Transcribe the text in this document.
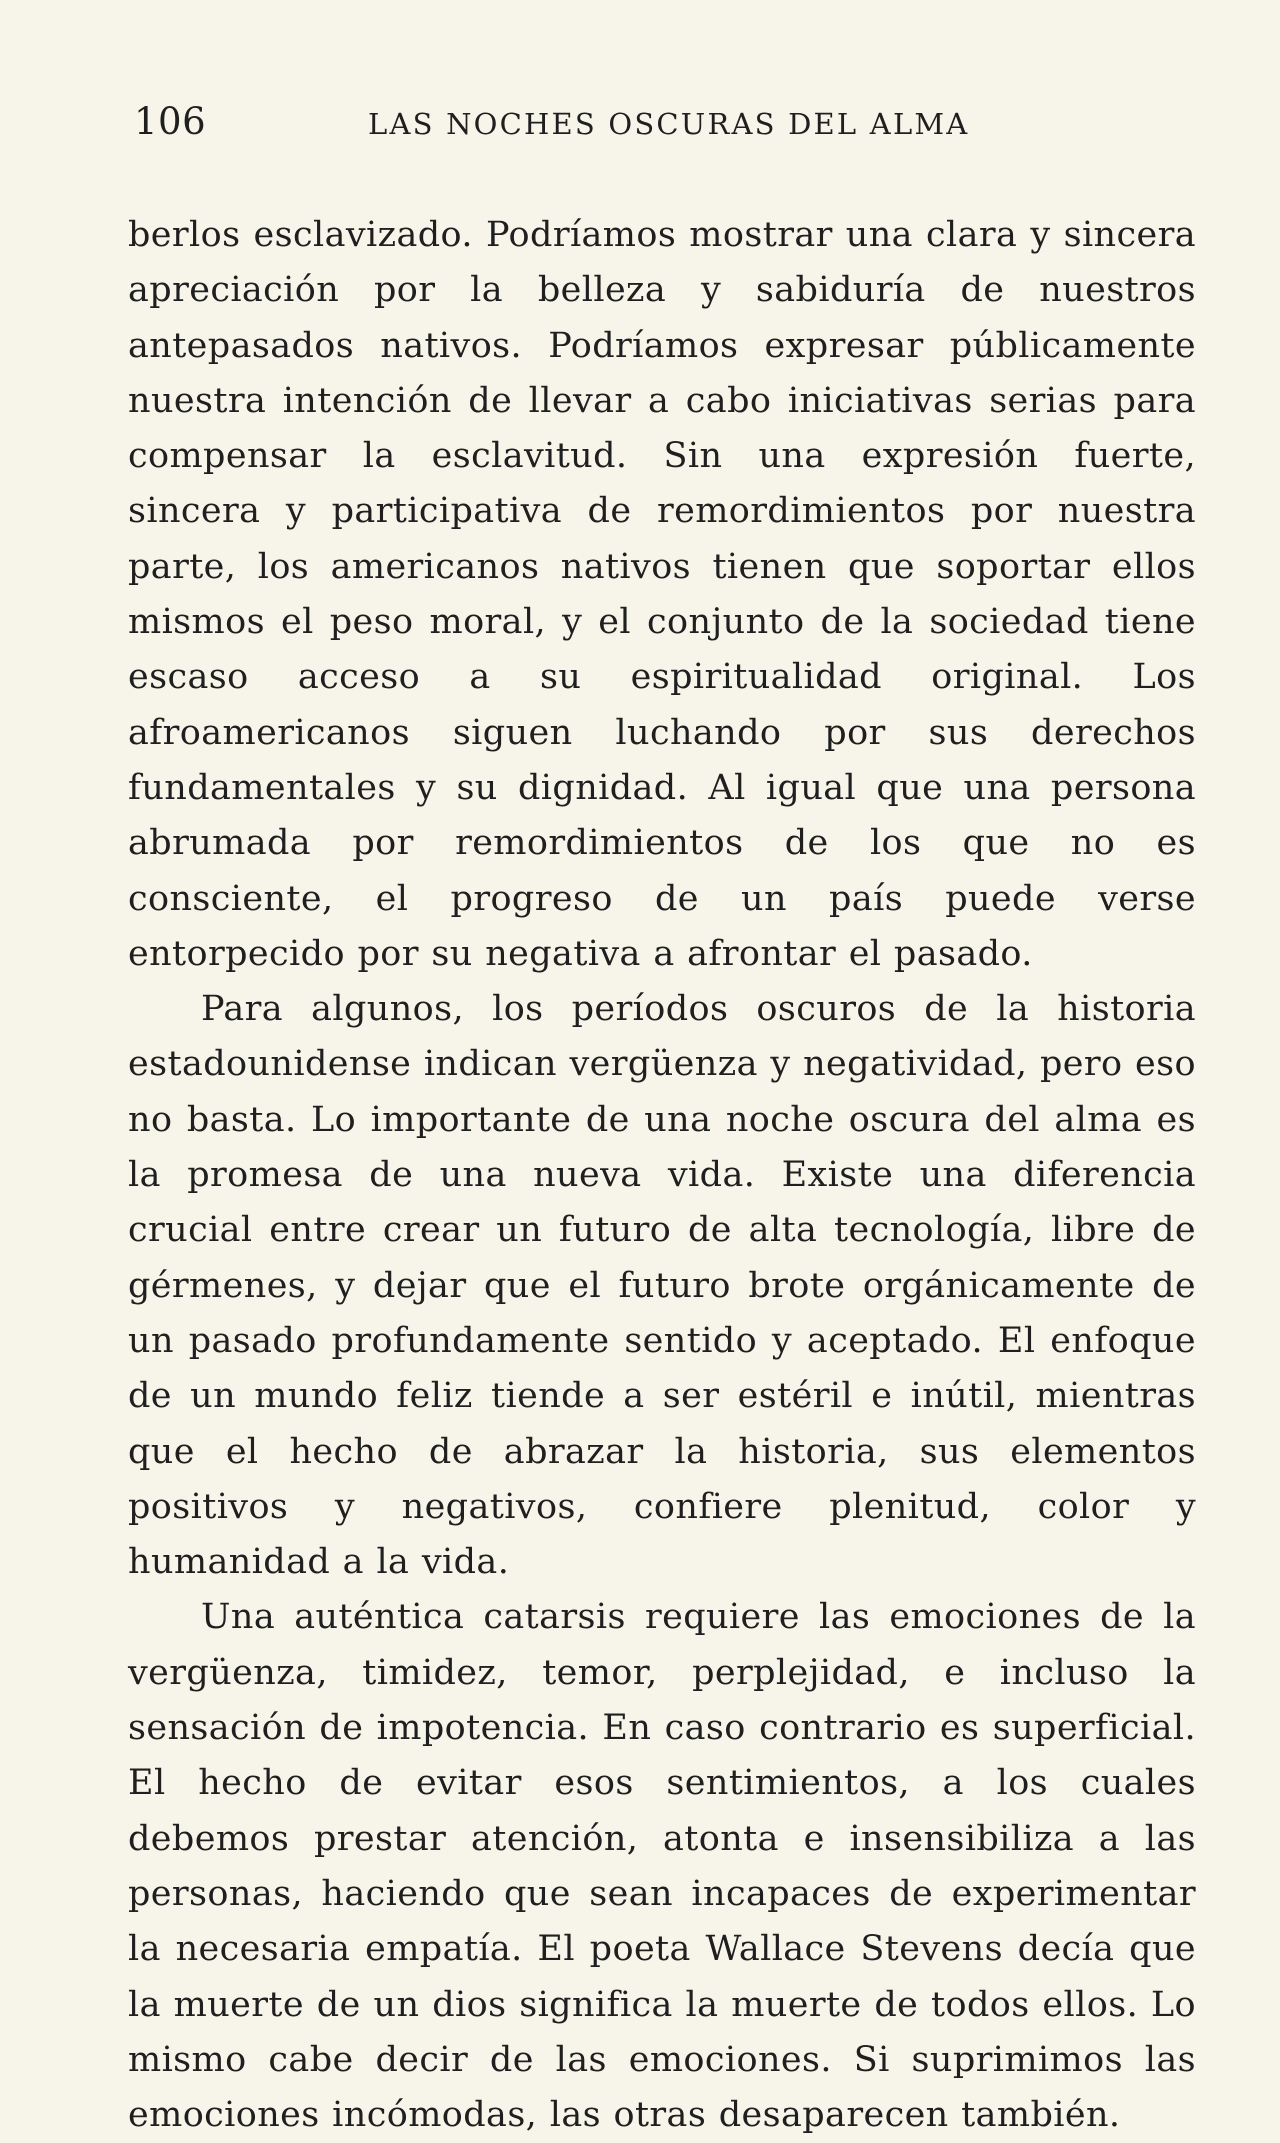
106	LAS NOCHES OSCURAS DEL ALMA

berlos esclavizado. Podríamos mostrar una clara y sincera apreciación por la belleza y sabiduría de nuestros antepasados nativos. Podríamos expresar públicamente nuestra intención de llevar a cabo iniciativas serias para compensar la esclavitud. Sin una expresión fuerte, sincera y participativa de remordimientos por nuestra parte, los americanos nativos tienen que soportar ellos mismos el peso moral, y el conjunto de la sociedad tiene escaso acceso a su espiritualidad original. Los afroamericanos siguen luchando por sus derechos fundamentales y su dignidad. Al igual que una persona abrumada por remordimientos de los que no es consciente, el progreso de un país puede verse entorpecido por su negativa a afrontar el pasado.

Para algunos, los períodos oscuros de la historia estadounidense indican vergüenza y negatividad, pero eso no basta. Lo importante de una noche oscura del alma es la promesa de una nueva vida. Existe una diferencia crucial entre crear un futuro de alta tecnología, libre de gérmenes, y dejar que el futuro brote orgánicamente de un pasado profundamente sentido y aceptado. El enfoque de un mundo feliz tiende a ser estéril e inútil, mientras que el hecho de abrazar la historia, sus elementos positivos y negativos, confiere plenitud, color y humanidad a la vida.

Una auténtica catarsis requiere las emociones de la vergüenza, timidez, temor, perplejidad, e incluso la sensación de impotencia. En caso contrario es superficial. El hecho de evitar esos sentimientos, a los cuales debemos prestar atención, atonta e insensibiliza a las personas, haciendo que sean incapaces de experimentar la necesaria empatía. El poeta Wallace Stevens decía que la muerte de un dios significa la muerte de todos ellos. Lo mismo cabe decir de las emociones. Si suprimimos las emociones incómodas, las otras desaparecen también.
